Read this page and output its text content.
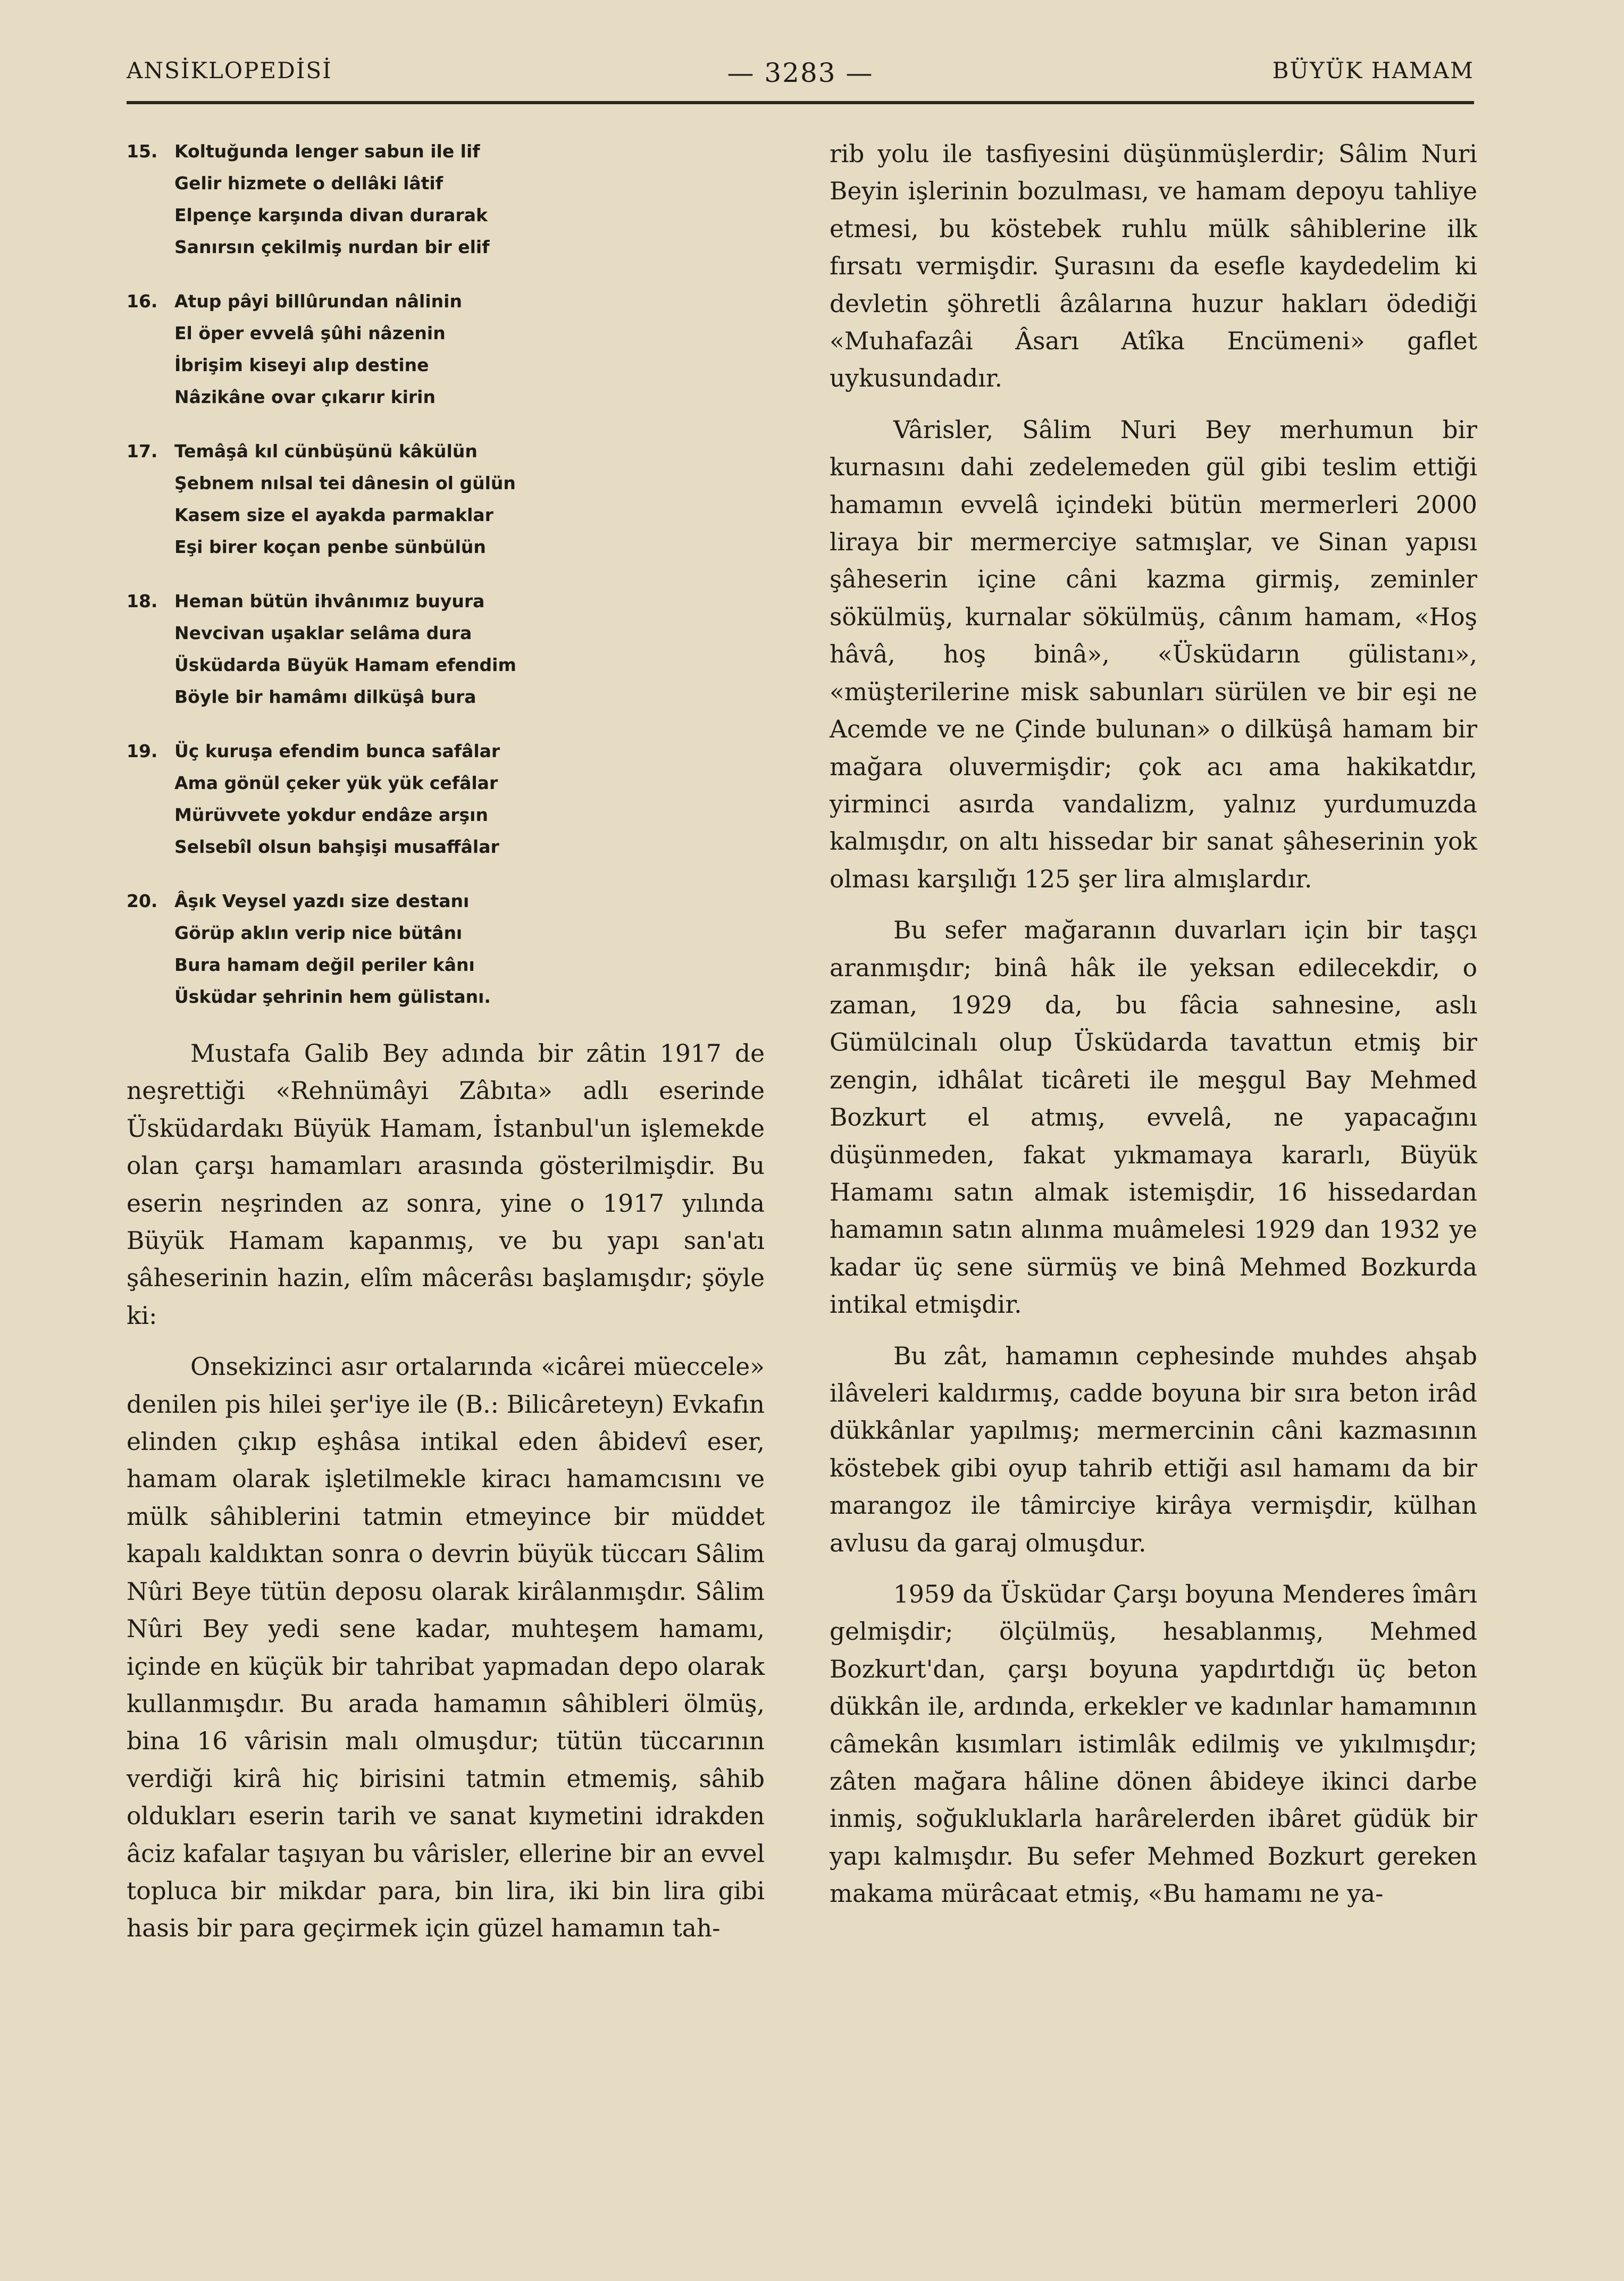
ANSİKLOPEDİSİ	— 3283 —	BÜYÜK HAMAM
15. Koltuğunda lenger sabun ile lif
Gelir hizmete o dellâki lâtif
Elpençe karşında divan durarak
Sanırsın çekilmiş nurdan bir elif
16. Atup pâyi billûrundan nâlinin
El öper evvelâ şûhi nâzenin
İbrişim kiseyi alıp destine
Nâzikâne ovar çıkarır kirin
17. Temâşâ kıl cünbüşünü kâkülün
Şebnem nılsal tei dânesin ol gülün
Kasem size el ayakda parmaklar
Eşi birer koçan penbe sünbülün
18. Heman bütün ihvânımız buyura
Nevcivan uşaklar selâma dura
Üsküdarda Büyük Hamam efendim
Böyle bir hamâmı dilküşâ bura
19. Üç kuruşa efendim bunca safâlar
Ama gönül çeker yük yük cefâlar
Mürüvvete yokdur endâze arşın
Selsebîl olsun bahşişi musaffâlar
20. Âşık Veysel yazdı size destanı
Görüp aklın verip nice bütânı
Bura hamam değil periler kânı
Üsküdar şehrinin hem gülistanı.

Mustafa Galib Bey adında bir zâtin 1917 de neşrettiği «Rehnümâyi Zâbıta» adlı eserinde Üsküdardakı Büyük Hamam, İstanbul'un işlemekde olan çarşı hamamları arasında gösterilmişdir. Bu eserin neşrinden az sonra, yine o 1917 yılında Büyük Hamam kapanmış, ve bu yapı san'atı şâheserinin hazin, elîm mâcerâsı başlamışdır; şöyle ki:

Onsekizinci asır ortalarında «icârei müeccele» denilen pis hilei şer'iye ile (B.: Bilicâreteyn) Evkafın elinden çıkıp eşhâsa intikal eden âbidevî eser, hamam olarak işletilmekle kiracı hamamcısını ve mülk sâhiblerini tatmin etmeyince bir müddet kapalı kaldıktan sonra o devrin büyük tüccarı Sâlim Nûri Beye tütün deposu olarak kirâlanmışdır. Sâlim Nûri Bey yedi sene kadar, muhteşem hamamı, içinde en küçük bir tahribat yapmadan depo olarak kullanmışdır. Bu arada hamamın sâhibleri ölmüş, bina 16 vârisin malı olmuşdur; tütün tüccarının verdiği kirâ hiç birisini tatmin etmemiş, sâhib oldukları eserin tarih ve sanat kıymetini idrakden âciz kafalar taşıyan bu vârisler, ellerine bir an evvel topluca bir mikdar para, bin lira, iki bin lira gibi hasis bir para geçirmek için güzel hamamın tah-

rib yolu ile tasfiyesini düşünmüşlerdir; Sâlim Nuri Beyin işlerinin bozulması, ve hamam depoyu tahliye etmesi, bu köstebek ruhlu mülk sâhiblerine ilk fırsatı vermişdir. Şurasını da esefle kaydedelim ki devletin şöhretli âzâlarına huzur hakları ödediği «Muhafazâi Âsarı Atîka Encümeni» gaflet uykusundadır.

Vârisler, Sâlim Nuri Bey merhumun bir kurnasını dahi zedelemeden gül gibi teslim ettiği hamamın evvelâ içindeki bütün mermerleri 2000 liraya bir mermerciye satmışlar, ve Sinan yapısı şâheserin içine câni kazma girmiş, zeminler sökülmüş, kurnalar sökülmüş, cânım hamam, «Hoş hâvâ, hoş binâ», «Üsküdarın gülistanı», «müşterilerine misk sabunları sürülen ve bir eşi ne Acemde ve ne Çinde bulunan» o dilküşâ hamam bir mağara oluvermişdir; çok acı ama hakikatdır, yirminci asırda vandalizm, yalnız yurdumuzda kalmışdır, on altı hissedar bir sanat şâheserinin yok olması karşılığı 125 şer lira almışlardır.

Bu sefer mağaranın duvarları için bir taşçı aranmışdır; binâ hâk ile yeksan edilecekdir, o zaman, 1929 da, bu fâcia sahnesine, aslı Gümülcinalı olup Üsküdarda tavattun etmiş bir zengin, idhâlat ticâreti ile meşgul Bay Mehmed Bozkurt el atmış, evvelâ, ne yapacağını düşünmeden, fakat yıkmamaya kararlı, Büyük Hamamı satın almak istemişdir, 16 hissedardan hamamın satın alınma muâmelesi 1929 dan 1932 ye kadar üç sene sürmüş ve binâ Mehmed Bozkurda intikal etmişdir.

Bu zât, hamamın cephesinde muhdes ahşab ilâveleri kaldırmış, cadde boyuna bir sıra beton irâd dükkânlar yapılmış; mermercinin câni kazmasının köstebek gibi oyup tahrib ettiği asıl hamamı da bir marangoz ile tâmirciye kirâya vermişdir, külhan avlusu da garaj olmuşdur.

1959 da Üsküdar Çarşı boyuna Menderes îmârı gelmişdir; ölçülmüş, hesablanmış, Mehmed Bozkurt'dan, çarşı boyuna yapdırtdığı üç beton dükkân ile, ardında, erkekler ve kadınlar hamamının câmekân kısımları istimlâk edilmiş ve yıkılmışdır; zâten mağara hâline dönen âbideye ikinci darbe inmiş, soğukluklarla harârelerden ibâret güdük bir yapı kalmışdır. Bu sefer Mehmed Bozkurt gereken makama mürâcaat etmiş, «Bu hamamı ne ya-
